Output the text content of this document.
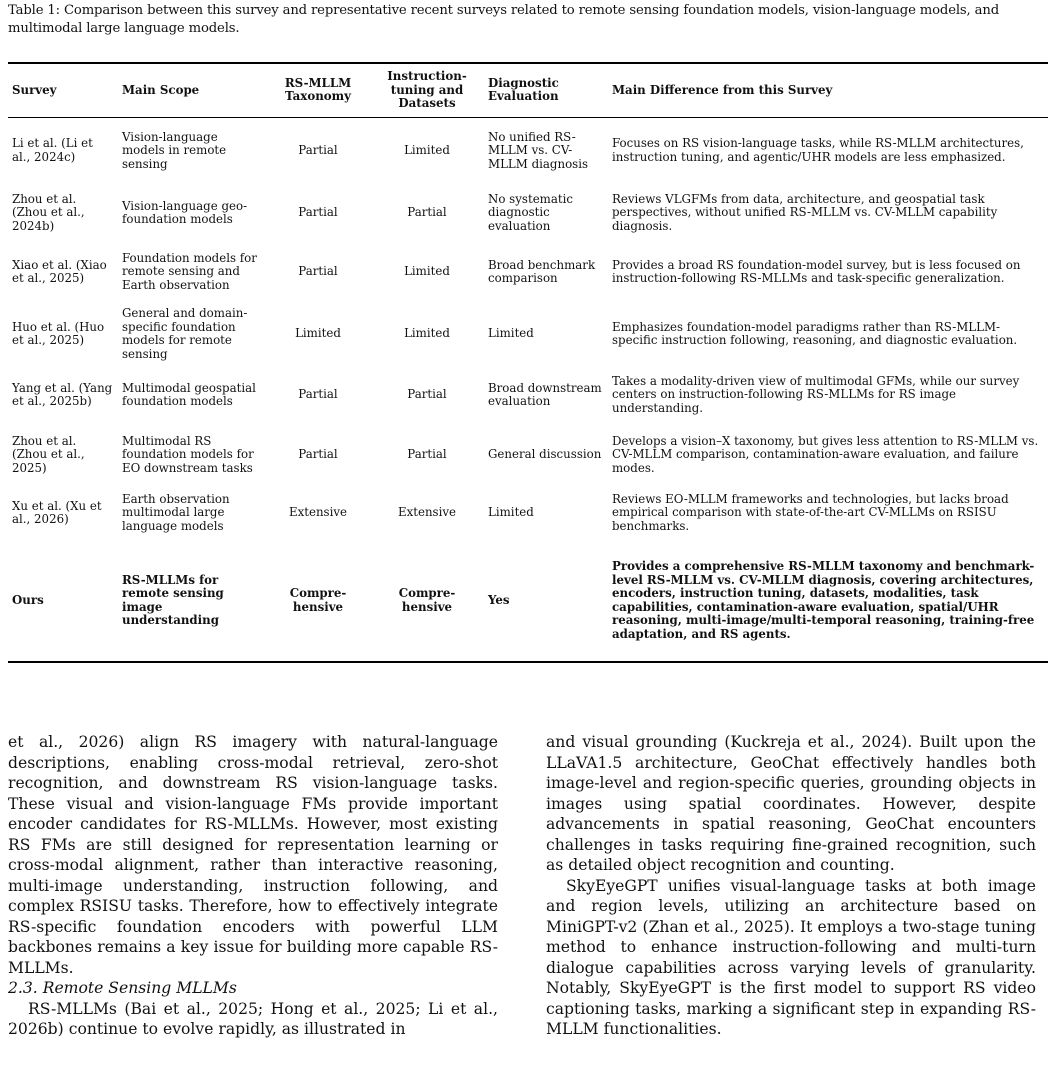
Table 1: Comparison between this survey and representative recent surveys related to remote sensing foundation models, vision-language models, and multimodal large language models.
Survey	Main Scope	RS-MLLM Taxonomy	Instruction-tuning and Datasets	Diagnostic Evaluation	Main Difference from this Survey
Li et al. (Li et al., 2024c)	Vision-language models in remote sensing	Partial	Limited	No unified RS-MLLM vs. CV-MLLM diagnosis	Focuses on RS vision-language tasks, while RS-MLLM architectures, instruction tuning, and agentic/UHR models are less emphasized.
Zhou et al. (Zhou et al., 2024b)	Vision-language geo-foundation models	Partial	Partial	No systematic diagnostic evaluation	Reviews VLGFMs from data, architecture, and geospatial task perspectives, without unified RS-MLLM vs. CV-MLLM capability diagnosis.
Xiao et al. (Xiao et al., 2025)	Foundation models for remote sensing and Earth observation	Partial	Limited	Broad benchmark comparison	Provides a broad RS foundation-model survey, but is less focused on instruction-following RS-MLLMs and task-specific generalization.
Huo et al. (Huo et al., 2025)	General and domain-specific foundation models for remote sensing	Limited	Limited	Limited	Emphasizes foundation-model paradigms rather than RS-MLLM-specific instruction following, reasoning, and diagnostic evaluation.
Yang et al. (Yang et al., 2025b)	Multimodal geospatial foundation models	Partial	Partial	Broad downstream evaluation	Takes a modality-driven view of multimodal GFMs, while our survey centers on instruction-following RS-MLLMs for RS image understanding.
Zhou et al. (Zhou et al., 2025)	Multimodal RS foundation models for EO downstream tasks	Partial	Partial	General discussion	Develops a vision–X taxonomy, but gives less attention to RS-MLLM vs. CV-MLLM comparison, contamination-aware evaluation, and failure modes.
Xu et al. (Xu et al., 2026)	Earth observation multimodal large language models	Extensive	Extensive	Limited	Reviews EO-MLLM frameworks and technologies, but lacks broad empirical comparison with state-of-the-art CV-MLLMs on RSISU benchmarks.
Ours	RS-MLLMs for remote sensing image understanding	Compre- hensive	Compre- hensive	Yes	Provides a comprehensive RS-MLLM taxonomy and benchmark-level RS-MLLM vs. CV-MLLM diagnosis, covering architectures, encoders, instruction tuning, datasets, modalities, task capabilities, contamination-aware evaluation, spatial/UHR reasoning, multi-image/multi-temporal reasoning, training-free adaptation, and RS agents.

et al., 2026) align RS imagery with natural-language descriptions, enabling cross-modal retrieval, zero-shot recognition, and downstream RS vision-language tasks. These visual and vision-language FMs provide important encoder candidates for RS-MLLMs. However, most existing RS FMs are still designed for representation learning or cross-modal alignment, rather than interactive reasoning, multi-image understanding, instruction following, and complex RSISU tasks. Therefore, how to effectively integrate RS-specific foundation encoders with powerful LLM backbones remains a key issue for building more capable RS-MLLMs.

2.3. Remote Sensing MLLMs

RS-MLLMs (Bai et al., 2025; Hong et al., 2025; Li et al., 2026b) continue to evolve rapidly, as illustrated in

and visual grounding (Kuckreja et al., 2024). Built upon the LLaVA1.5 architecture, GeoChat effectively handles both image-level and region-specific queries, grounding objects in images using spatial coordinates. However, despite advancements in spatial reasoning, GeoChat encounters challenges in tasks requiring fine-grained recognition, such as detailed object recognition and counting.

SkyEyeGPT unifies visual-language tasks at both image and region levels, utilizing an architecture based on MiniGPT-v2 (Zhan et al., 2025). It employs a two-stage tuning method to enhance instruction-following and multi-turn dialogue capabilities across varying levels of granularity. Notably, SkyEyeGPT is the first model to support RS video captioning tasks, marking a significant step in expanding RS-MLLM functionalities.
